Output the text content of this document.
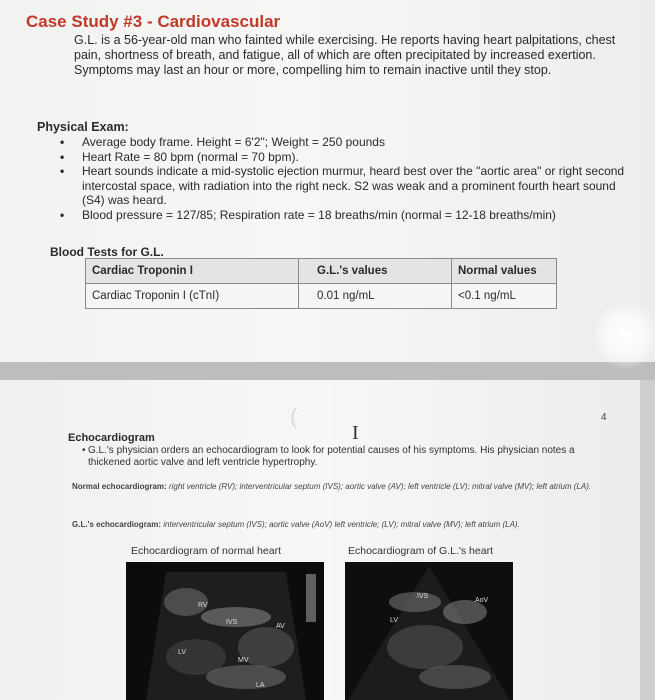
Case Study #3 - Cardiovascular
G.L. is a 56-year-old man who fainted while exercising. He reports having heart palpitations, chest pain, shortness of breath, and fatigue, all of which are often precipitated by increased exertion. Symptoms may last an hour or more, compelling him to remain inactive until they stop.
Physical Exam:
• Average body frame. Height = 6'2"; Weight = 250 pounds
• Heart Rate = 80 bpm (normal = 70 bpm).
• Heart sounds indicate a mid-systolic ejection murmur, heard best over the "aortic area" or right second intercostal space, with radiation into the right neck. S2 was weak and a prominent fourth heart sound (S4) was heard.
• Blood pressure = 127/85; Respiration rate = 18 breaths/min (normal = 12-18 breaths/min)
Blood Tests for G.L.
Cardiac Troponin I	G.L.'s values	Normal values
Cardiac Troponin I (cTnI)	0.01 ng/mL	<0.1 ng/mL
(	4
I
Echocardiogram
• G.L.'s physician orders an echocardiogram to look for potential causes of his symptoms. His physician notes a thickened aortic valve and left ventricle hypertrophy.
Normal echocardiogram: right ventricle (RV); interventricular septum (IVS); aortic valve (AV); left ventricle (LV); mitral valve (MV); left atrium (LA).
G.L.'s echocardiogram: interventricular septum (IVS); aortic valve (AoV) left ventricle; (LV); mitral valve (MV); left atrium (LA).
Echocardiogram of normal heart	Echocardiogram of G.L.'s heart
RV
IVS
AV
LV
MV
LA
IVS
AoV
LV
